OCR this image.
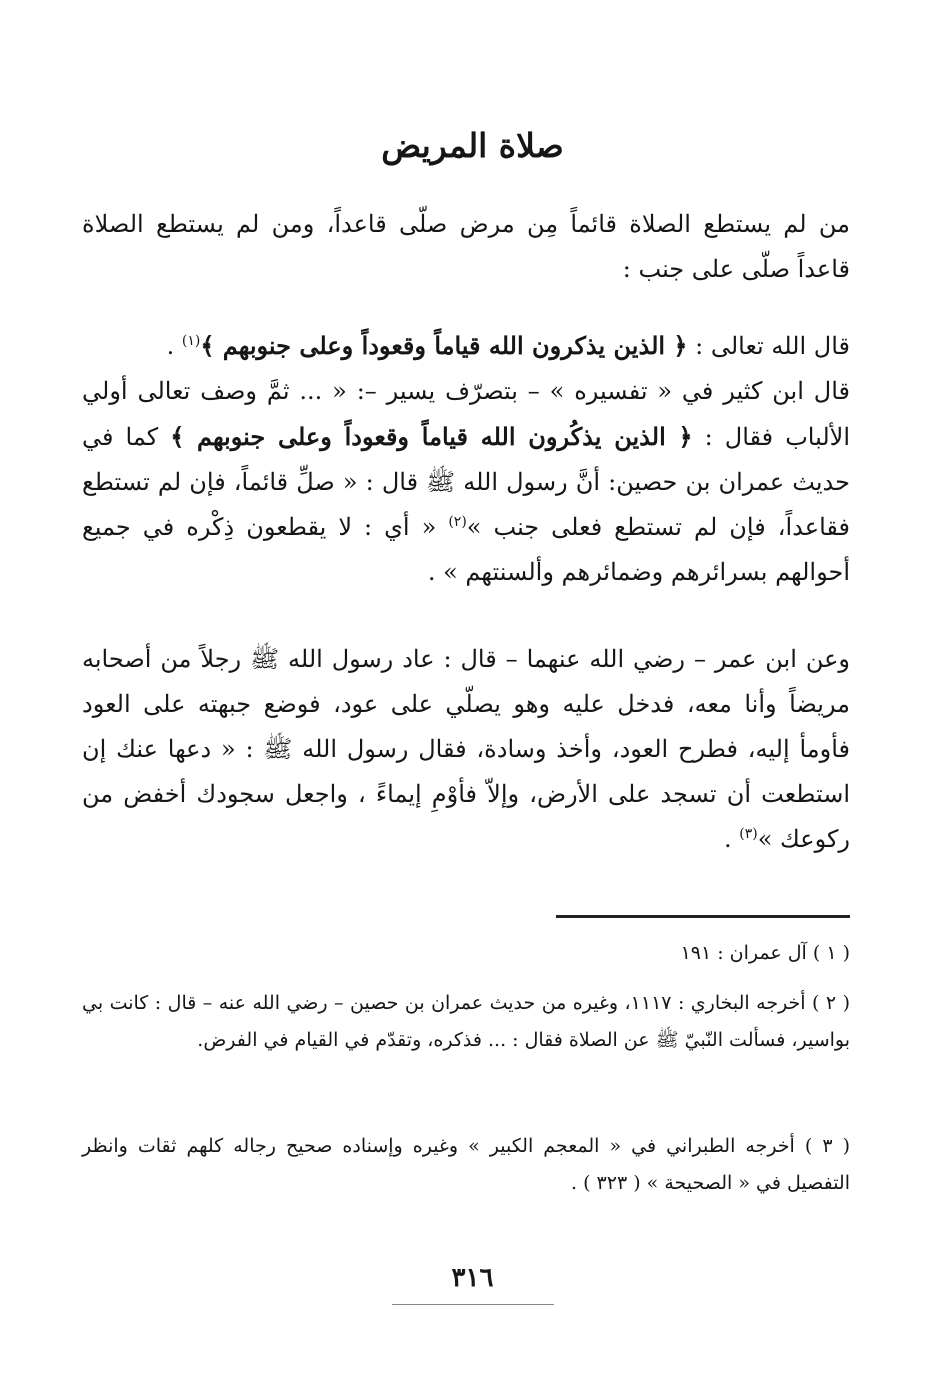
صلاة المريض

من لم يستطع الصلاة قائماً مِن مرض صلّى قاعداً، ومن لم يستطع الصلاة قاعداً صلّى على جنب :

قال الله تعالى : ﴿ الذين يذكرون الله قياماً وقعوداً وعلى جنوبهم ﴾$^{(١)}$ .

قال ابن كثير في « تفسيره » – بتصرّف يسير –: « ... ثمَّ وصف تعالى أولي الألباب فقال : ﴿ الذين يذكُرون الله قياماً وقعوداً وعلى جنوبهم ﴾ كما في حديث عمران بن حصين: أنَّ رسول الله ﷺ قال : « صلِّ قائماً، فإن لم تستطع فقاعداً، فإن لم تستطع فعلى جنب »$^{(٢)}$ « أي : لا يقطعون ذِكْره في جميع أحوالهم بسرائرهم وضمائرهم وألسنتهم » .

وعن ابن عمر – رضي الله عنهما – قال : عاد رسول الله ﷺ رجلاً من أصحابه مريضاً وأنا معه، فدخل عليه وهو يصلّي على عود، فوضع جبهته على العود فأومأ إليه، فطرح العود، وأخذ وسادة، فقال رسول الله ﷺ : « دعها عنك إن استطعت أن تسجد على الأرض، وإلاّ فأوْمِ إيماءً ، واجعل سجودك أخفض من ركوعك »$^{(٣)}$ .

( ١ ) آل عمران : ١٩١

( ٢ ) أخرجه البخاري : ١١١٧، وغيره من حديث عمران بن حصين – رضي الله عنه – قال : كانت بي بواسير، فسألت النّبيّ ﷺ عن الصلاة فقال : ... فذكره، وتقدّم في القيام في الفرض.

( ٣ ) أخرجه الطبراني في « المعجم الكبير » وغيره وإسناده صحيح رجاله كلهم ثقات وانظر التفصيل في « الصحيحة » ( ٣٢٣ ) .

٣١٦
